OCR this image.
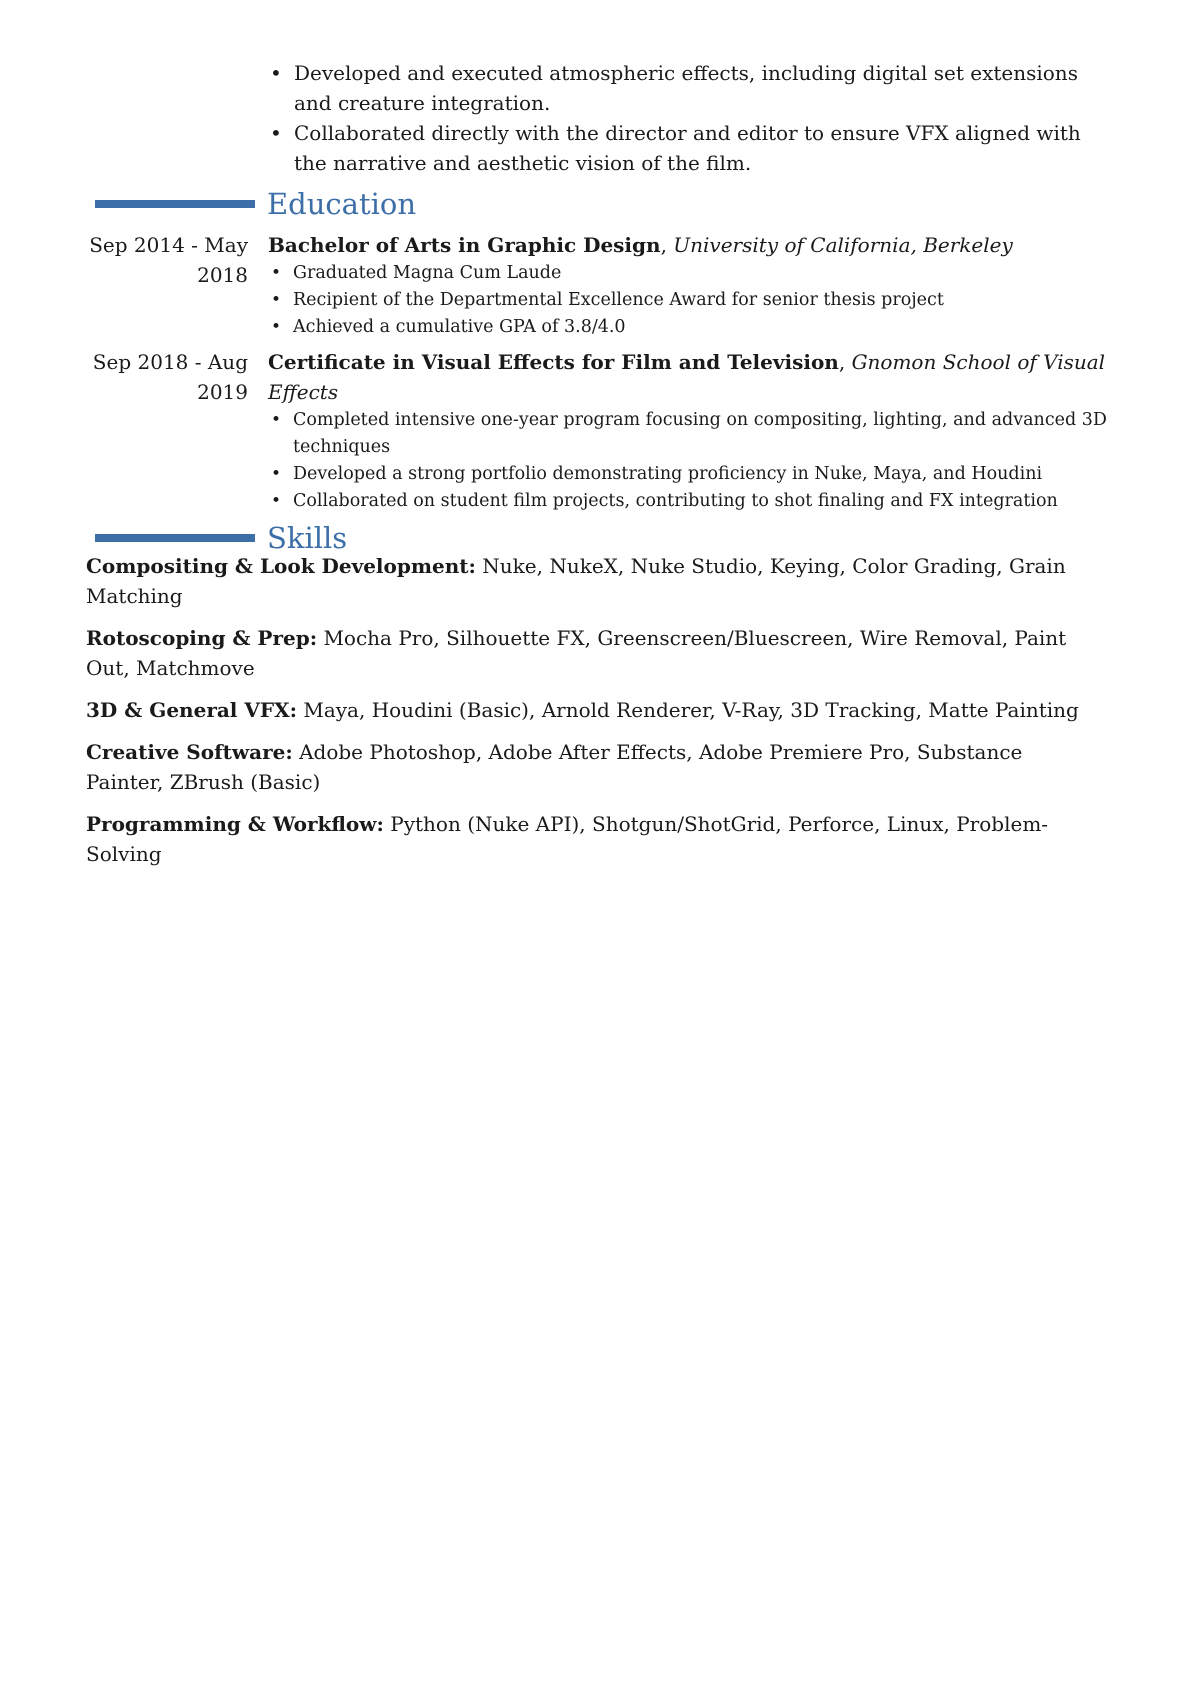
• Developed and executed atmospheric effects, including digital set extensions and creature integration.
• Collaborated directly with the director and editor to ensure VFX aligned with the narrative and aesthetic vision of the film.
Education
Sep 2014 - May 2018
Bachelor of Arts in Graphic Design, University of California, Berkeley
• Graduated Magna Cum Laude
• Recipient of the Departmental Excellence Award for senior thesis project
• Achieved a cumulative GPA of 3.8/4.0
Sep 2018 - Aug 2019
Certificate in Visual Effects for Film and Television, Gnomon School of Visual Effects
• Completed intensive one-year program focusing on compositing, lighting, and advanced 3D techniques
• Developed a strong portfolio demonstrating proficiency in Nuke, Maya, and Houdini
• Collaborated on student film projects, contributing to shot finaling and FX integration
Skills
Compositing & Look Development: Nuke, NukeX, Nuke Studio, Keying, Color Grading, Grain Matching
Rotoscoping & Prep: Mocha Pro, Silhouette FX, Greenscreen/Bluescreen, Wire Removal, Paint Out, Matchmove
3D & General VFX: Maya, Houdini (Basic), Arnold Renderer, V-Ray, 3D Tracking, Matte Painting
Creative Software: Adobe Photoshop, Adobe After Effects, Adobe Premiere Pro, Substance Painter, ZBrush (Basic)
Programming & Workflow: Python (Nuke API), Shotgun/ShotGrid, Perforce, Linux, Problem-Solving
